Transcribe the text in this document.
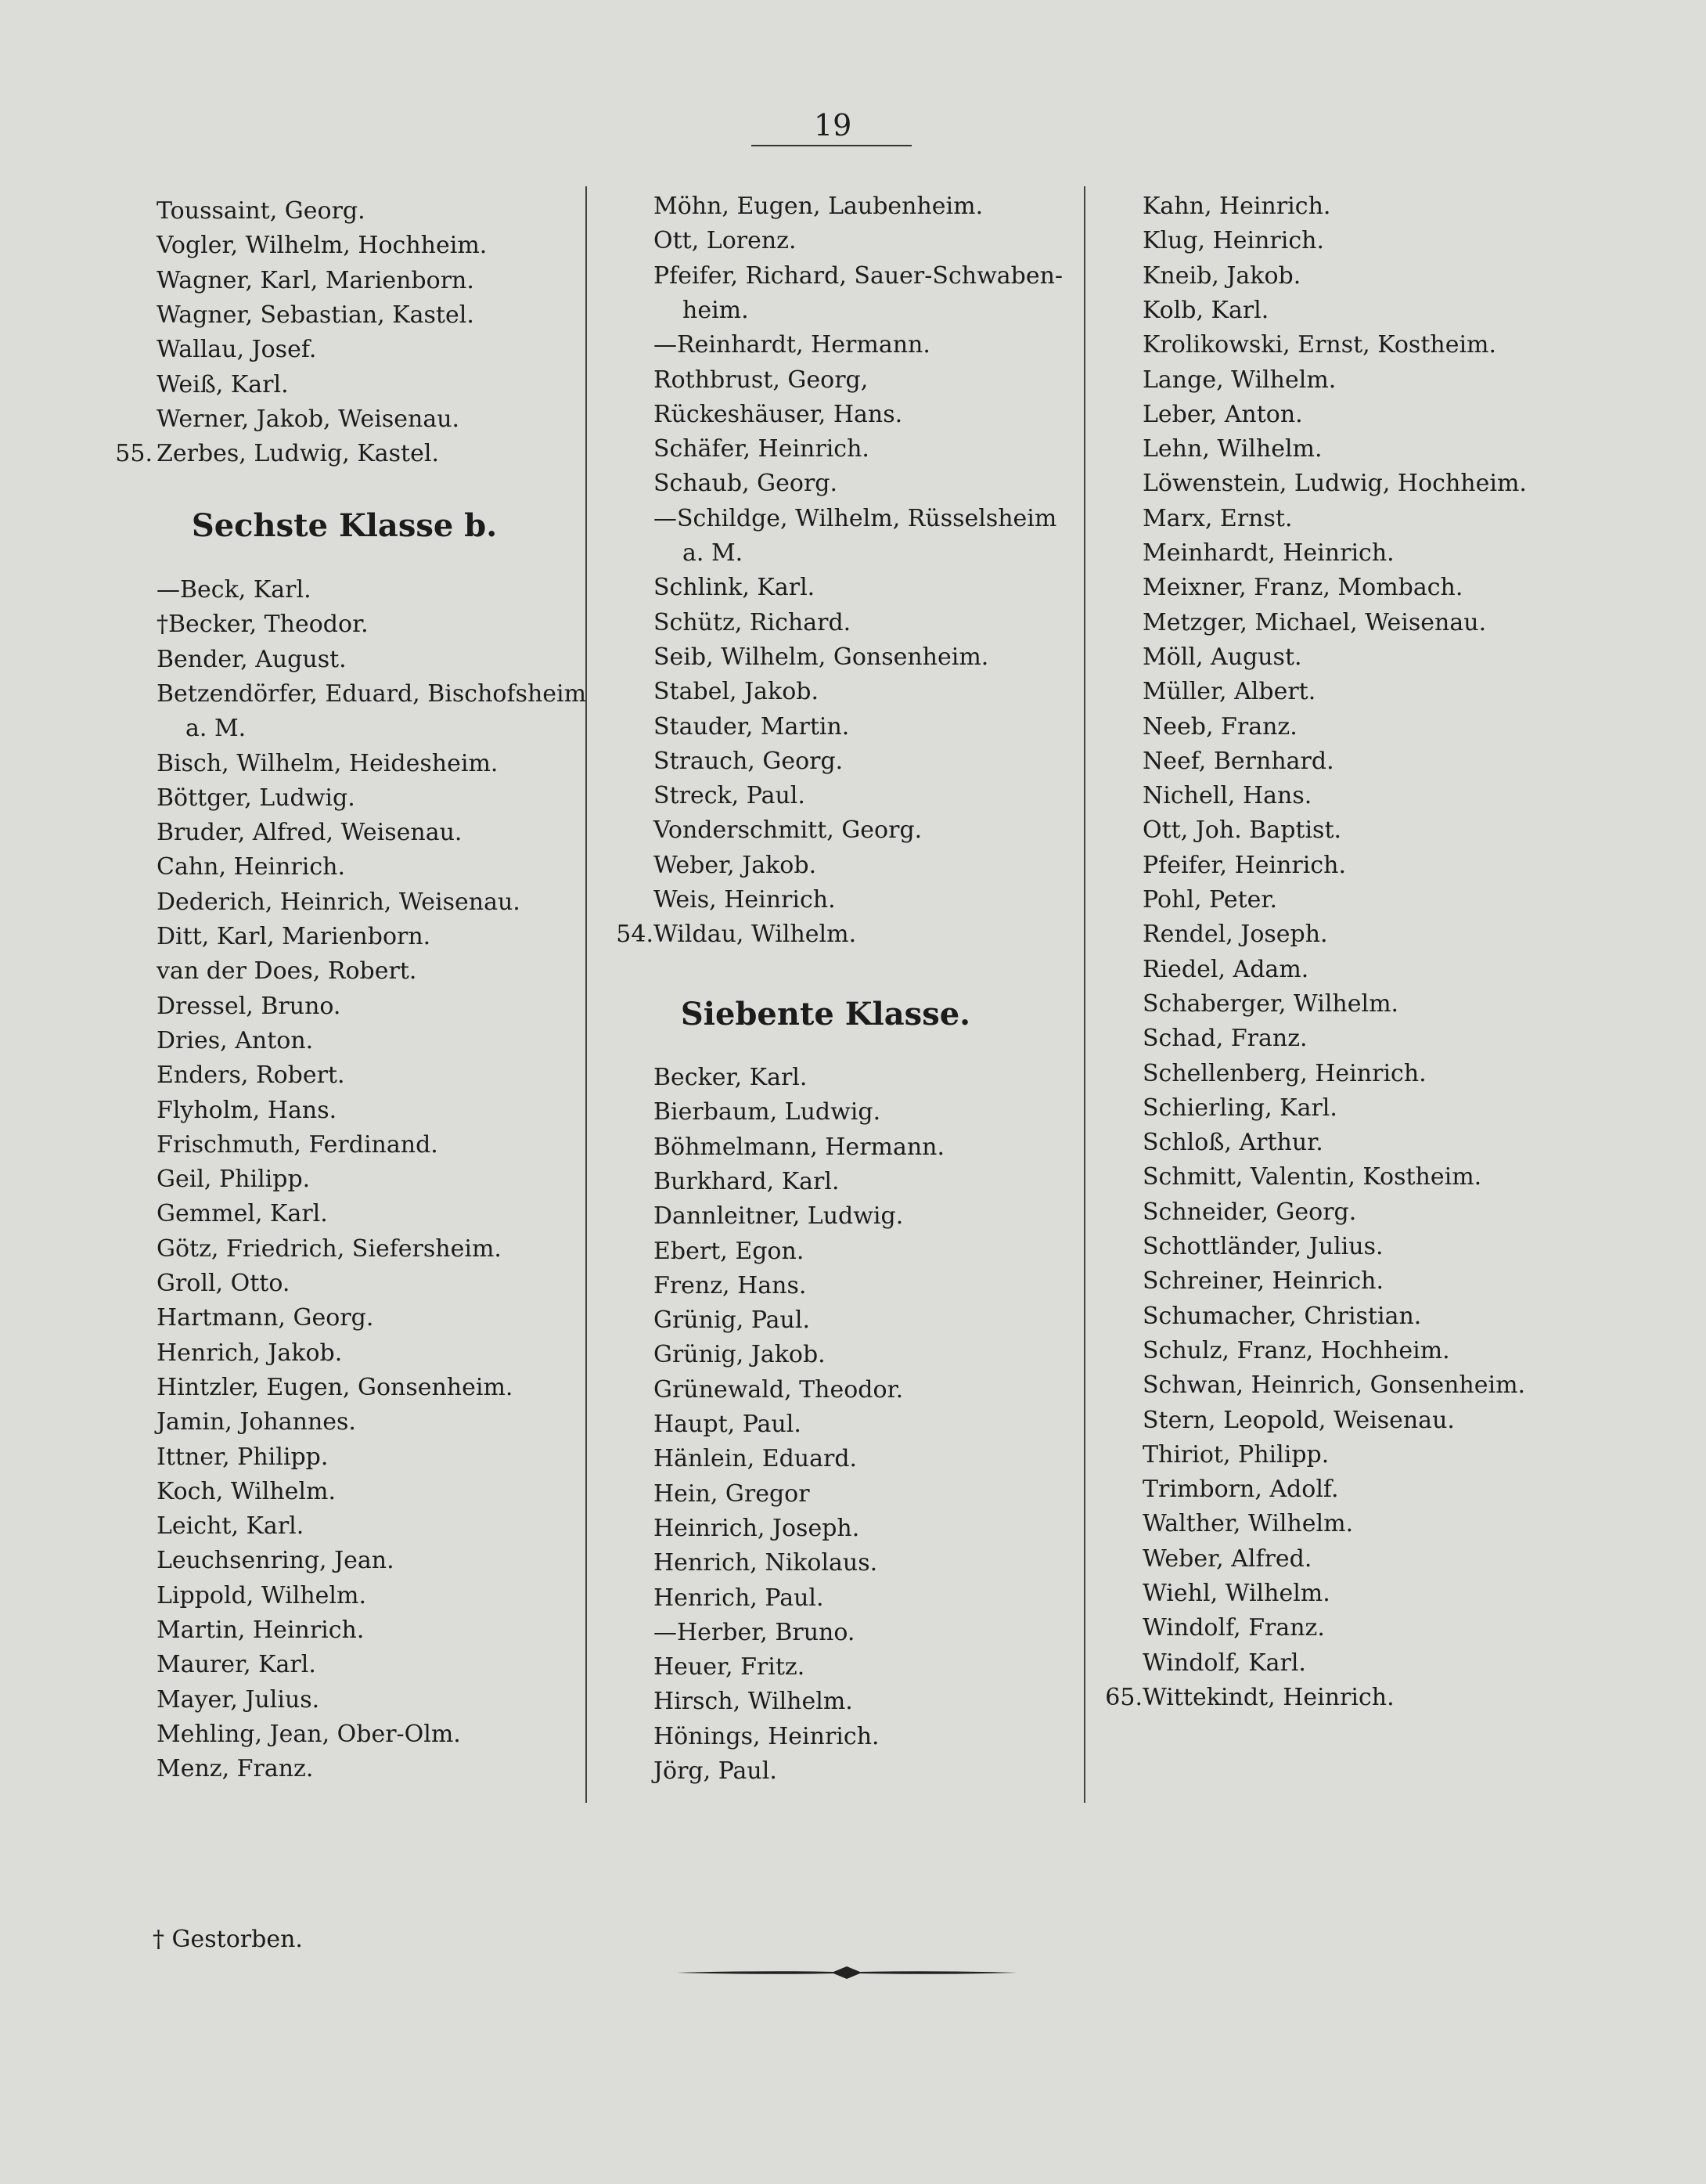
19
Toussaint, Georg.
Vogler, Wilhelm, Hochheim.
Wagner, Karl, Marienborn.
Wagner, Sebastian, Kastel.
Wallau, Josef.
Weiß, Karl.
Werner, Jakob, Weisenau.
Zerbes, Ludwig, Kastel.
55.
Sechste Klasse b.
—Beck, Karl.
†Becker, Theodor.
Bender, August.
Betzendörfer, Eduard, Bischofsheim
a. M.
Bisch, Wilhelm, Heidesheim.
Böttger, Ludwig.
Bruder, Alfred, Weisenau.
Cahn, Heinrich.
Dederich, Heinrich, Weisenau.
Ditt, Karl, Marienborn.
van der Does, Robert.
Dressel, Bruno.
Dries, Anton.
Enders, Robert.
Flyholm, Hans.
Frischmuth, Ferdinand.
Geil, Philipp.
Gemmel, Karl.
Götz, Friedrich, Siefersheim.
Groll, Otto.
Hartmann, Georg.
Henrich, Jakob.
Hintzler, Eugen, Gonsenheim.
Jamin, Johannes.
Ittner, Philipp.
Koch, Wilhelm.
Leicht, Karl.
Leuchsenring, Jean.
Lippold, Wilhelm.
Martin, Heinrich.
Maurer, Karl.
Mayer, Julius.
Mehling, Jean, Ober-Olm.
Menz, Franz.
Möhn, Eugen, Laubenheim.
Ott, Lorenz.
Pfeifer, Richard, Sauer-Schwaben-
heim.
—Reinhardt, Hermann.
Rothbrust, Georg,
Rückeshäuser, Hans.
Schäfer, Heinrich.
Schaub, Georg.
—Schildge, Wilhelm, Rüsselsheim
a. M.
Schlink, Karl.
Schütz, Richard.
Seib, Wilhelm, Gonsenheim.
Stabel, Jakob.
Stauder, Martin.
Strauch, Georg.
Streck, Paul.
Vonderschmitt, Georg.
Weber, Jakob.
Weis, Heinrich.
Wildau, Wilhelm.
54.
Siebente Klasse.
Becker, Karl.
Bierbaum, Ludwig.
Böhmelmann, Hermann.
Burkhard, Karl.
Dannleitner, Ludwig.
Ebert, Egon.
Frenz, Hans.
Grünig, Paul.
Grünig, Jakob.
Grünewald, Theodor.
Haupt, Paul.
Hänlein, Eduard.
Hein, Gregor
Heinrich, Joseph.
Henrich, Nikolaus.
Henrich, Paul.
—Herber, Bruno.
Heuer, Fritz.
Hirsch, Wilhelm.
Hönings, Heinrich.
Jörg, Paul.
Kahn, Heinrich.
Klug, Heinrich.
Kneib, Jakob.
Kolb, Karl.
Krolikowski, Ernst, Kostheim.
Lange, Wilhelm.
Leber, Anton.
Lehn, Wilhelm.
Löwenstein, Ludwig, Hochheim.
Marx, Ernst.
Meinhardt, Heinrich.
Meixner, Franz, Mombach.
Metzger, Michael, Weisenau.
Möll, August.
Müller, Albert.
Neeb, Franz.
Neef, Bernhard.
Nichell, Hans.
Ott, Joh. Baptist.
Pfeifer, Heinrich.
Pohl, Peter.
Rendel, Joseph.
Riedel, Adam.
Schaberger, Wilhelm.
Schad, Franz.
Schellenberg, Heinrich.
Schierling, Karl.
Schloß, Arthur.
Schmitt, Valentin, Kostheim.
Schneider, Georg.
Schottländer, Julius.
Schreiner, Heinrich.
Schumacher, Christian.
Schulz, Franz, Hochheim.
Schwan, Heinrich, Gonsenheim.
Stern, Leopold, Weisenau.
Thiriot, Philipp.
Trimborn, Adolf.
Walther, Wilhelm.
Weber, Alfred.
Wiehl, Wilhelm.
Windolf, Franz.
Windolf, Karl.
Wittekindt, Heinrich.
65.
† Gestorben.
